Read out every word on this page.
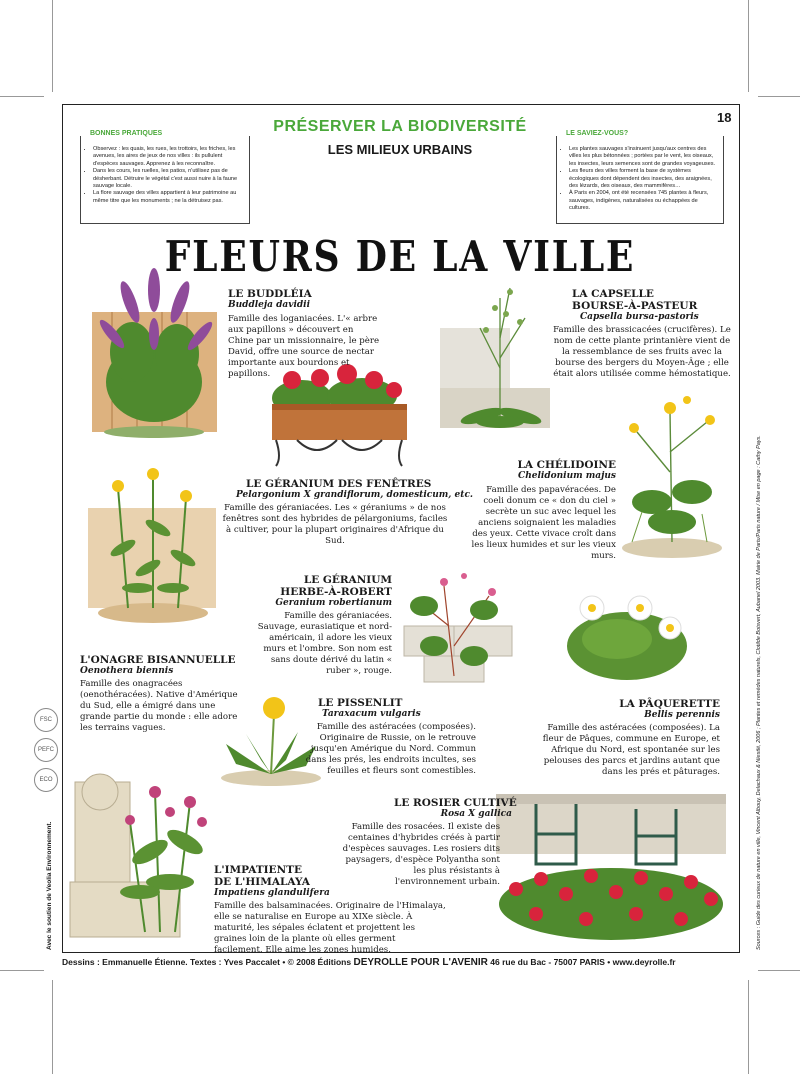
18
PRÉSERVER LA BIODIVERSITÉ
LES MILIEUX URBAINS
BONNES PRATIQUES
• Observez : les quais, les rues, les trottoirs, les friches, les avenues, les aires de jeux de nos villes : ils pullulent d'espèces sauvages. Apprenez à les reconnaître.
• Dans les cours, les ruelles, les patios, n'utilisez pas de désherbant. Détruire le végétal c'est aussi nuire à la faune sauvage locale.
• La flore sauvage des villes appartient à leur patrimoine au même titre que les monuments ; ne la détruisez pas.
LE SAVIEZ-VOUS?
• Les plantes sauvages s'insinuent jusqu'aux centres des villes les plus bétonnées ; portées par le vent, les oiseaux, les insectes, leurs semences sont de grandes voyageuses.
• Les fleurs des villes forment la base de systèmes écologiques dont dépendent des insectes, des araignées, des lézards, des oiseaux, des mammifères…
• À Paris en 2004, ont été recensées 745 plantes à fleurs, sauvages, indigènes, naturalisées ou échappées de cultures.
FLEURS DE LA VILLE
LE BUDDLÉIA
Buddleja davidii
Famille des loganiacées. L'« arbre aux papillons » découvert en Chine par un missionnaire, le père David, offre une source de nectar importante aux bourdons et papillons.
LA CAPSELLE
BOURSE-À-PASTEUR
Capsella bursa-pastoris
Famille des brassicacées (crucifères). Le nom de cette plante printanière vient de la ressemblance de ses fruits avec la bourse des bergers du Moyen-Âge ; elle était alors utilisée comme hémostatique.
LE GÉRANIUM DES FENÊTRES
Pelargonium X grandiflorum, domesticum, etc.
Famille des géraniacées. Les « géraniums » de nos fenêtres sont des hybrides de pélargoniums, faciles à cultiver, pour la plupart originaires d'Afrique du Sud.
LA CHÉLIDOINE
Chelidonium majus
Famille des papavéracées. De coeli donum ce « don du ciel » secrète un suc avec lequel les anciens soignaient les maladies des yeux. Cette vivace croît dans les lieux humides et sur les vieux murs.
LE GÉRANIUM
HERBE-À-ROBERT
Geranium robertianum
Famille des géraniacées. Sauvage, eurasiatique et nord-américain, il adore les vieux murs et l'ombre. Son nom est sans doute dérivé du latin « ruber », rouge.
L'ONAGRE BISANNUELLE
Oenothera biennis
Famille des onagracées (oenothéracées). Native d'Amérique du Sud, elle a émigré dans une grande partie du monde : elle adore les terrains vagues.
LA PÂQUERETTE
Bellis perennis
Famille des astéracées (composées). La fleur de Pâques, commune en Europe, et Afrique du Nord, est spontanée sur les pelouses des parcs et jardins autant que dans les prés et pâturages.
LE PISSENLIT
Taraxacum vulgaris
Famille des astéracées (composées). Originaire de Russie, on le retrouve jusqu'en Amérique du Nord. Commun dans les prés, les endroits incultes, ses feuilles et fleurs sont comestibles.
LE ROSIER CULTIVÉ
Rosa X gallica
Famille des rosacées. Il existe des centaines d'hybrides créés à partir d'espèces sauvages. Les rosiers dits paysagers, d'espèce Polyantha sont les plus résistants à l'environnement urbain.
L'IMPATIENTE
DE L'HIMALAYA
Impatiens glandulifera
Famille des balsaminacées. Originaire de l'Himalaya, elle se naturalise en Europe au XIXe siècle. À maturité, les sépales éclatent et projettent les graines loin de la plante où elles germent facilement. Elle aime les zones humides.
Dessins : Emmanuelle Étienne. Textes : Yves Paccalet • © 2008 Éditions DEYROLLE POUR L'AVENIR 46 rue du Bac - 75007 PARIS • www.deyrolle.fr
Avec le soutien de Veolia Environnement.	Sources : Guide des curieux de nature en ville, Vincent Albouy, Delachaux & Niestlé, 2006 ; Plantes et remèdes naturels, Clotilde Boisvert, Aubanel 2003. Mairie de Paris/Paris nature / Mise en page : Cathy Pays.
FSC
PEFC
ECO
